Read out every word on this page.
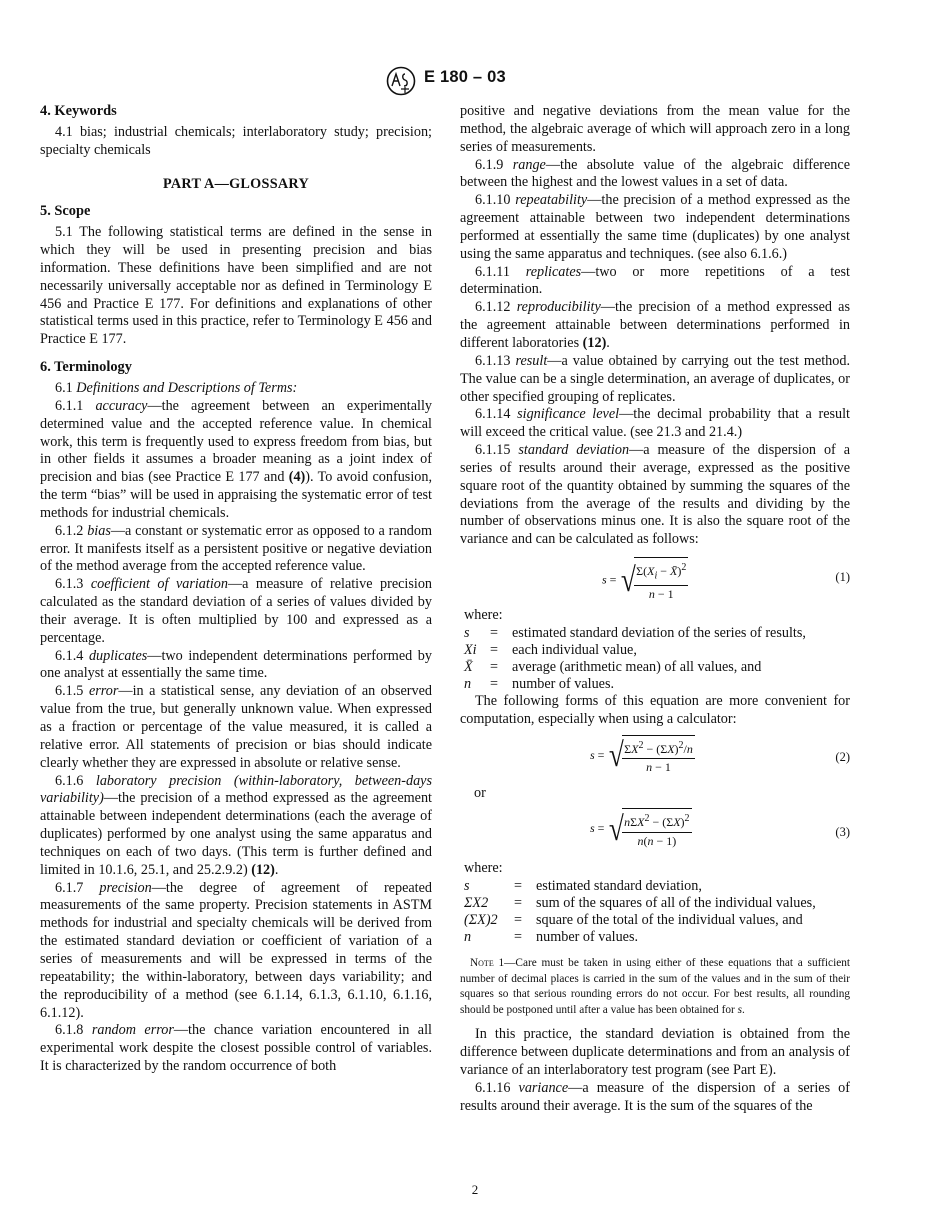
E 180 – 03
4. Keywords

4.1 bias; industrial chemicals; interlaboratory study; precision; specialty chemicals

PART A—GLOSSARY

5. Scope

5.1 The following statistical terms are defined in the sense in which they will be used in presenting precision and bias information. These definitions have been simplified and are not necessarily universally acceptable nor as defined in Terminology E 456 and Practice E 177. For definitions and explanations of other statistical terms used in this practice, refer to Terminology E 456 and Practice E 177.

6. Terminology

6.1 Definitions and Descriptions of Terms:

6.1.1 accuracy—the agreement between an experimentally determined value and the accepted reference value. In chemical work, this term is frequently used to express freedom from bias, but in other fields it assumes a broader meaning as a joint index of precision and bias (see Practice E 177 and (4)). To avoid confusion, the term “bias” will be used in appraising the systematic error of test methods for industrial chemicals.

6.1.2 bias—a constant or systematic error as opposed to a random error. It manifests itself as a persistent positive or negative deviation of the method average from the accepted reference value.

6.1.3 coefficient of variation—a measure of relative precision calculated as the standard deviation of a series of values divided by their average. It is often multiplied by 100 and expressed as a percentage.

6.1.4 duplicates—two independent determinations performed by one analyst at essentially the same time.

6.1.5 error—in a statistical sense, any deviation of an observed value from the true, but generally unknown value. When expressed as a fraction or percentage of the value measured, it is called a relative error. All statements of precision or bias should indicate clearly whether they are expressed in absolute or relative sense.

6.1.6 laboratory precision (within-laboratory, between-days variability)—the precision of a method expressed as the agreement attainable between independent determinations (each the average of duplicates) performed by one analyst using the same apparatus and techniques on each of two days. (This term is further defined and limited in 10.1.6, 25.1, and 25.2.9.2) (12).

6.1.7 precision—the degree of agreement of repeated measurements of the same property. Precision statements in ASTM methods for industrial and specialty chemicals will be derived from the estimated standard deviation or coefficient of variation of a series of measurements and will be expressed in terms of the repeatability; the within-laboratory, between days variability; and the reproducibility of a method (see 6.1.14, 6.1.3, 6.1.10, 6.1.16, 6.1.12).

6.1.8 random error—the chance variation encountered in all experimental work despite the closest possible control of variables. It is characterized by the random occurrence of both

positive and negative deviations from the mean value for the method, the algebraic average of which will approach zero in a long series of measurements.

6.1.9 range—the absolute value of the algebraic difference between the highest and the lowest values in a set of data.

6.1.10 repeatability—the precision of a method expressed as the agreement attainable between two independent determinations performed at essentially the same time (duplicates) by one analyst using the same apparatus and techniques. (see also 6.1.6.)

6.1.11 replicates—two or more repetitions of a test determination.

6.1.12 reproducibility—the precision of a method expressed as the agreement attainable between determinations performed in different laboratories (12).

6.1.13 result—a value obtained by carrying out the test method. The value can be a single determination, an average of duplicates, or other specified grouping of replicates.

6.1.14 significance level—the decimal probability that a result will exceed the critical value. (see 21.3 and 21.4.)

6.1.15 standard deviation—a measure of the dispersion of a series of results around their average, expressed as the positive square root of the quantity obtained by summing the squares of the deviations from the average of the results and dividing by the number of observations minus one. It is also the square root of the variance and can be calculated as follows:

s = √
$\frac{\Sigma(X_i - X̄)^2}{n - 1}$	(1)

where:

s	=	estimated standard deviation of the series of results,
Xi	=	each individual value,
X̄	=	average (arithmetic mean) of all values, and
n	=	number of values.

The following forms of this equation are more convenient for computation, especially when using a calculator:

s = √
$\frac{\Sigma X^2 - (\Sigma X)^2/n}{n - 1}$	(2)

or

s = √
$\frac{n\Sigma X^2 - (\Sigma X)^2}{n(n - 1)}$	(3)

where:

s	=	estimated standard deviation,
ΣX2	=	sum of the squares of all of the individual values,
(ΣX)2	=	square of the total of the individual values, and
n	=	number of values.

Note 1—Care must be taken in using either of these equations that a sufficient number of decimal places is carried in the sum of the values and in the sum of their squares so that serious rounding errors do not occur. For best results, all rounding should be postponed until after a value has been obtained for s.

In this practice, the standard deviation is obtained from the difference between duplicate determinations and from an analysis of variance of an interlaboratory test program (see Part E).

6.1.16 variance—a measure of the dispersion of a series of results around their average. It is the sum of the squares of the

2
